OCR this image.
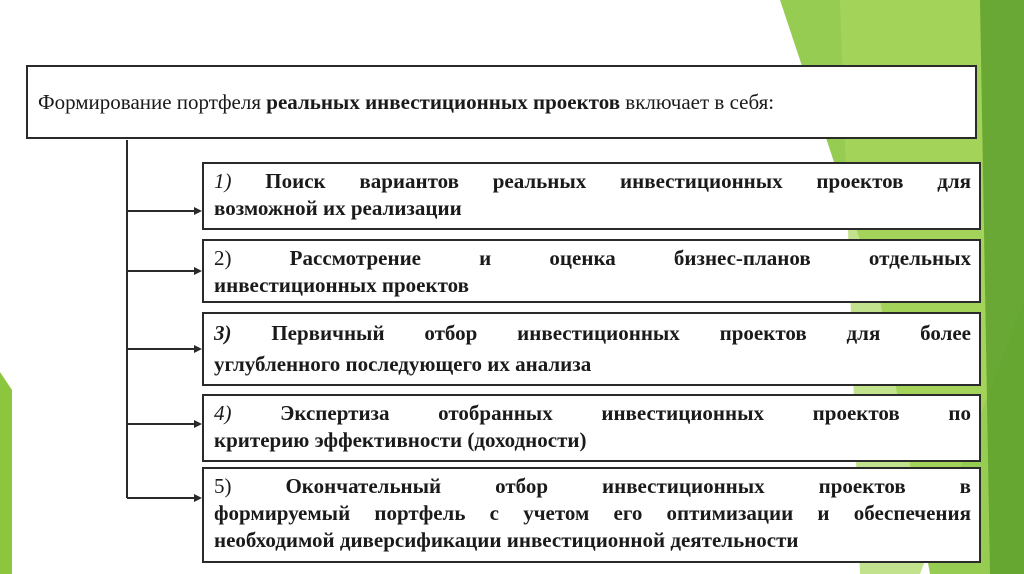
Формирование портфеля
реальных инвестиционных проектов
включает в себя:
1) Поиск вариантов реальных инвестиционных проектов для
возможной их реализации
2)	Рассмотрение и оценка бизнес-планов отдельных
инвестиционных проектов
3) Первичный отбор инвестиционных проектов для более
углубленного последующего их анализа
4) Экспертиза отобранных инвестиционных проектов по
критерию эффективности (доходности)
5)	Окончательный отбор инвестиционных проектов в
формируемый портфель с учетом его оптимизации и обеспечения
необходимой диверсификации инвестиционной деятельности
